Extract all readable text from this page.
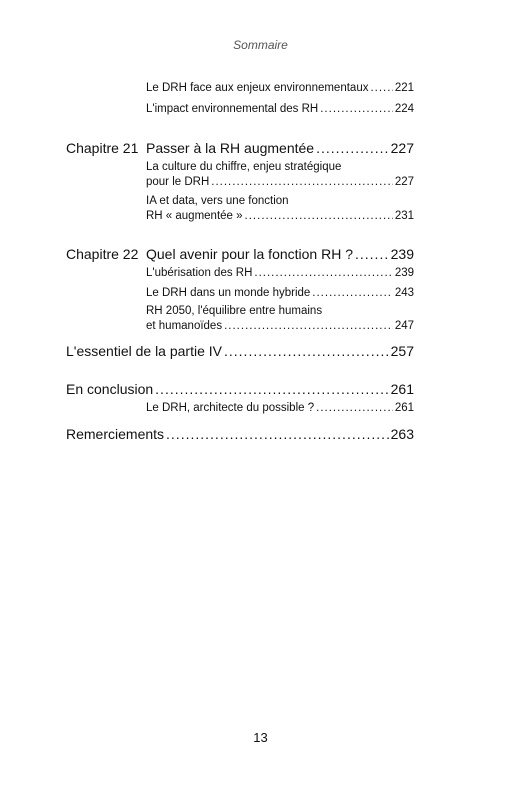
Sommaire
Le DRH face aux enjeux environnementaux ..... 221
L'impact environnemental des RH .....	224
Chapitre 21 Passer à la RH augmentée .....	227
La culture du chiffre, enjeu stratégique
pour le DRH .....	227
IA et data, vers une fonction
RH « augmentée » .....	231
Chapitre 22 Quel avenir pour la fonction RH ? .....	239
L'ubérisation des RH .....	239
Le DRH dans un monde hybride .....	243
RH 2050, l'équilibre entre humains
et humanoïdes .....	247
L'essentiel de la partie IV .....	257
En conclusion .....	261
Le DRH, architecte du possible ? .....	261
Remerciements .....	263
13
